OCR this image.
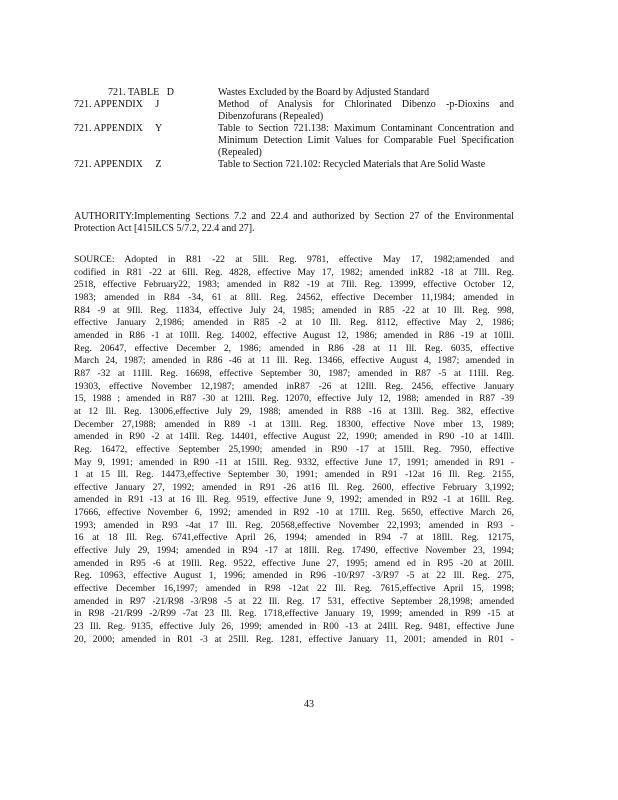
721. TABLE   D	Wastes Excluded by the Board by Adjusted Standard
721. APPENDIX     J	Method of Analysis for Chlorinated Dibenzo -p-Dioxins and Dibenzofurans (Repealed)
721. APPENDIX     Y	Table to Section 721.138: Maximum Contaminant Concentration and Minimum Detection Limit Values for Comparable Fuel Specification (Repealed)
721. APPENDIX     Z	Table to Section 721.102: Recycled Materials that Are Solid Waste
AUTHORITY:Implementing Sections 7.2 and 22.4 and authorized by Section 27 of the Environmental Protection Act [415ILCS 5/7.2, 22.4 and 27].
SOURCE: Adopted in R81 -22 at 5Ill. Reg. 9781, effective May 17, 1982;amended and
codified in R81 -22 at 6Ill. Reg. 4828, effective May 17, 1982; amended inR82 -18 at 7Ill. Reg.
2518, effective February22, 1983; amended in R82 -19 at 7Ill. Reg. 13999, effective October 12,
1983; amended in R84 -34, 61 at 8Ill. Reg. 24562, effective December 11,1984; amended in
R84 -9 at 9Ill. Reg. 11834, effective July 24, 1985; amended in R85 -22 at 10 Ill. Reg. 998,
effective January 2,1986; amended in R85 -2 at 10 Ill. Reg. 8112, effective May 2, 1986;
amended in R86 -1 at 10Ill. Reg. 14002, effective August 12, 1986; amended in R86 -19 at 10Ill.
Reg. 20647, effective December 2, 1986; amended in R86 -28 at 11 Ill. Reg. 6035, effective
March 24, 1987; amended in R86 -46 at 11 Ill. Reg. 13466, effective August 4, 1987; amended in
R87 -32 at 11Ill. Reg. 16698, effective September 30, 1987; amended in R87 -5 at 11Ill. Reg.
19303, effective November 12,1987; amended inR87 -26 at 12Ill. Reg. 2456, effective January
15, 1988 ; amended in R87 -30 at 12Ill. Reg. 12070, effective July 12, 1988; amended in R87 -39
at 12 Ill. Reg. 13006,effective July 29, 1988; amended in R88 -16 at 13Ill. Reg. 382, effective
December 27,1988; amended in R89 -1 at 13Ill. Reg. 18300, effective Nove mber 13, 1989;
amended in R90 -2 at 14Ill. Reg. 14401, effective August 22, 1990; amended in R90 -10 at 14Ill.
Reg. 16472, effective September 25,1990; amended in R90 -17 at 15Ill. Reg. 7950, effective
May 9, 1991; amended in R90 -11 at 15Ill. Reg. 9332, effective June 17, 1991; amended in R91 -
1 at 15 Ill. Reg. 14473,effective September 30, 1991; amended in R91 -12at 16 Ill. Reg. 2155,
effective January 27, 1992; amended in R91 -26 at16 Ill. Reg. 2600, effective February 3,1992;
amended in R91 -13 at 16 Ill. Reg. 9519, effective June 9, 1992; amended in R92 -1 at 16Ill. Reg.
17666, effective November 6, 1992; amended in R92 -10 at 17Ill. Reg. 5650, effective March 26,
1993; amended in R93 -4at 17 Ill. Reg. 20568,effective November 22,1993; amended in R93 -
16 at 18 Ill. Reg. 6741,effective April 26, 1994; amended in R94 -7 at 18Ill. Reg. 12175,
effective July 29, 1994; amended in R94 -17 at 18Ill. Reg. 17490, effective November 23, 1994;
amended in R95 -6 at 19Ill. Reg. 9522, effective June 27, 1995; amend ed in R95 -20 at 20Ill.
Reg. 10963, effective August 1, 1996; amended in R96 -10/R97 -3/R97 -5 at 22 Ill. Reg. 275,
effective December 16,1997; amended in R98 -12at 22 Ill. Reg. 7615,effective April 15, 1998;
amended in R97 -21/R98 -3/R98 -5 at 22 Ill. Reg. 17 531, effective September 28,1998; amended
in R98 -21/R99 -2/R99 -7at 23 Ill. Reg. 1718,effective January 19, 1999; amended in R99 -15 at
23 Ill. Reg. 9135, effective July 26, 1999; amended in R00 -13 at 24Ill. Reg. 9481, effective June
20, 2000; amended in R01 -3 at 25Ill. Reg. 1281, effective January 11, 2001; amended in R01 -
43
